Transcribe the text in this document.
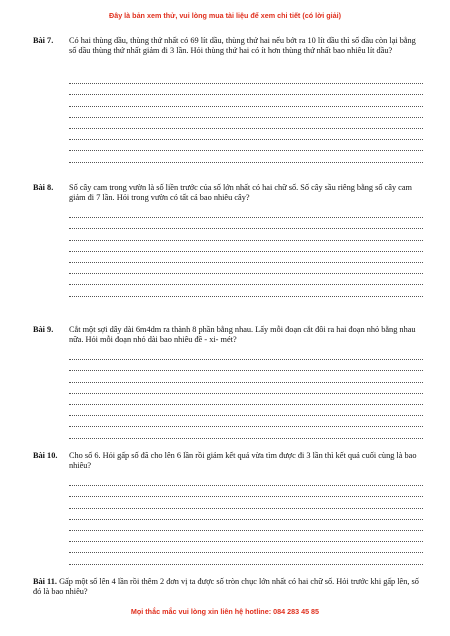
Đây là bản xem thử, vui lòng mua tài liệu để xem chi tiết (có lời giải)
Bài 7. Có hai thùng dầu, thùng thứ nhất có 69 lít dầu, thùng thứ hai nếu bớt ra 10 lít dầu thì số dầu còn lại bằng số dầu thùng thứ nhất giảm đi 3 lần. Hỏi thùng thứ hai có ít hơn thùng thứ nhất bao nhiêu lít dầu?
Bài 8. Số cây cam trong vườn là số liền trước của số lớn nhất có hai chữ số. Số cây sầu riêng bằng số cây cam giảm đi 7 lần. Hỏi trong vườn có tất cả bao nhiêu cây?
Bài 9. Cắt một sợi dây dài 6m4dm ra thành 8 phần bằng nhau. Lấy mỗi đoạn cắt đôi ra hai đoạn nhỏ bằng nhau nữa. Hỏi mỗi đoạn nhỏ dài bao nhiêu đề - xi- mét?
Bài 10. Cho số 6. Hỏi gấp số đã cho lên 6 lần rồi giảm kết quả vừa tìm được đi 3 lần thì kết quả cuối cùng là bao nhiêu?
Bài 11. Gấp một số lên 4 lần rồi thêm 2 đơn vị ta được số tròn chục lớn nhất có hai chữ số. Hỏi trước khi gấp lên, số đó là bao nhiêu?
Mọi thắc mắc vui lòng xin liên hệ hotline: 084 283 45 85
